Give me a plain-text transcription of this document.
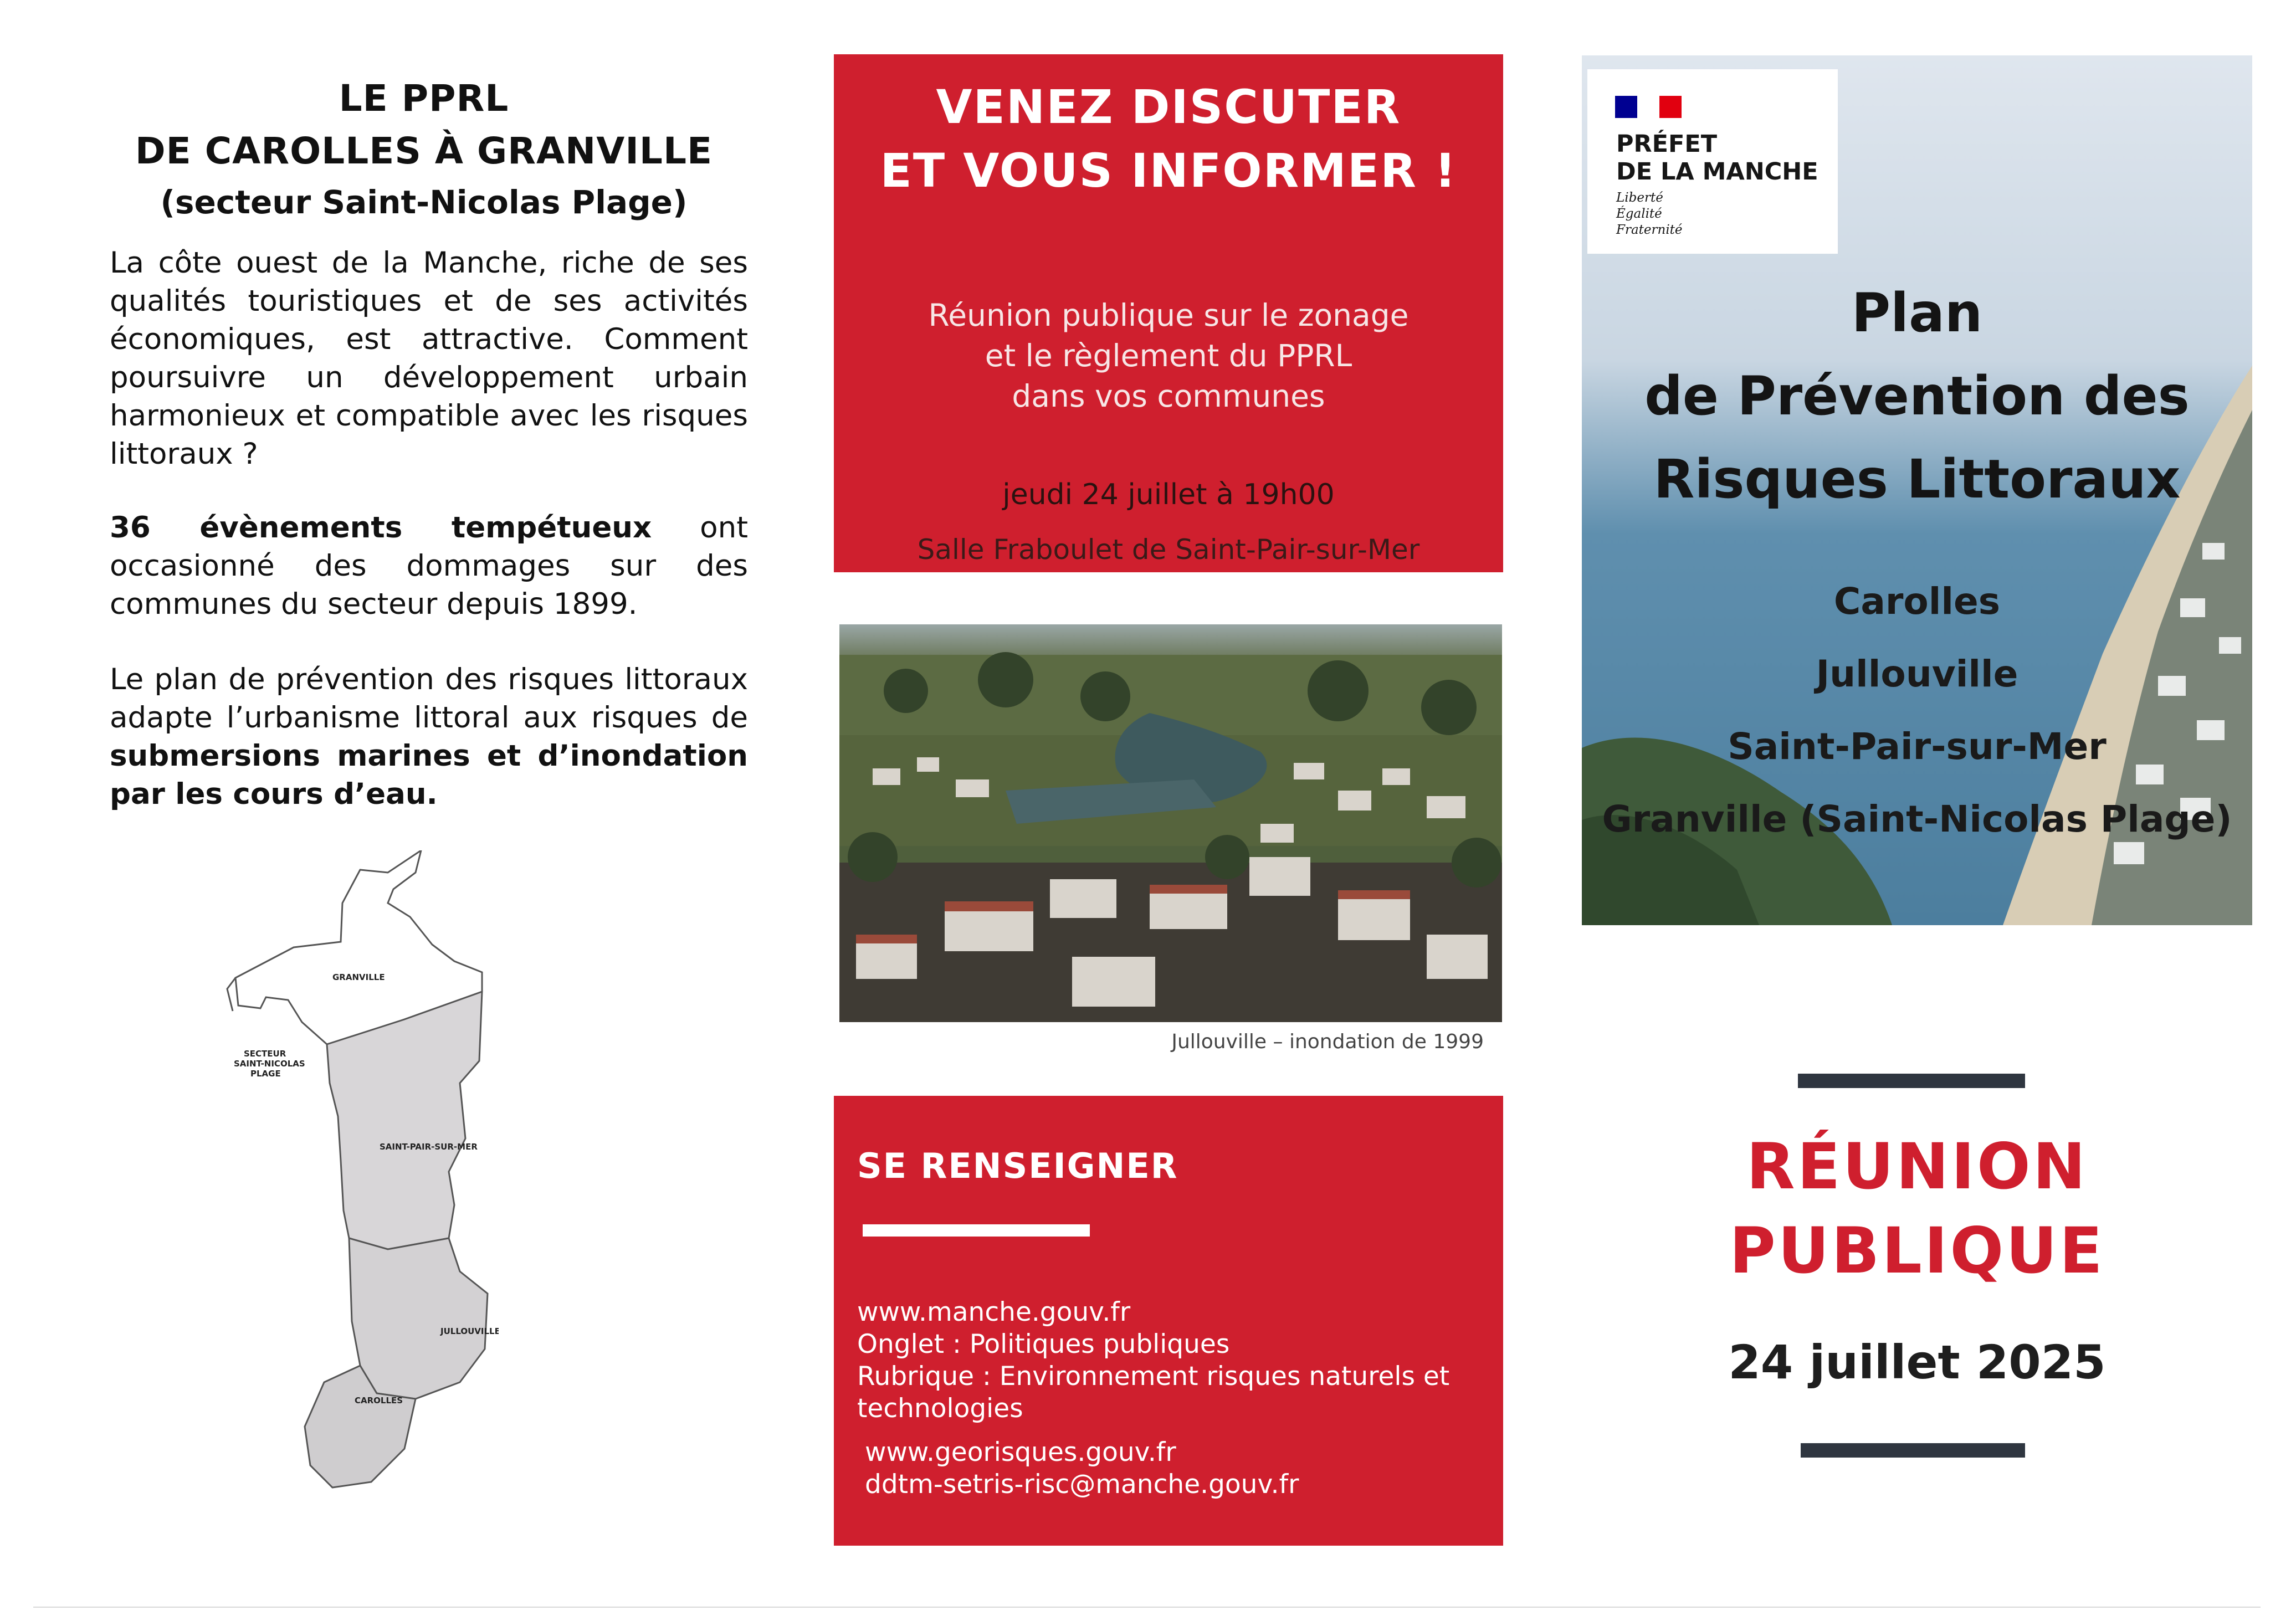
LE PPRL
DE CAROLLES À GRANVILLE
(secteur Saint-Nicolas Plage)

La côte ouest de la Manche, riche de ses qualités touristiques et de ses activités économiques, est attractive. Comment poursuivre un développement urbain harmonieux et compatible avec les risques littoraux ?

36 évènements tempétueux ont occasionné des dommages sur des communes du secteur depuis 1899.

Le plan de prévention des risques littoraux adapte l’urbanisme littoral aux risques de submersions marines et d’inondation par les cours d’eau.

GRANVILLE
SECTEUR
SAINT-NICOLAS
PLAGE
SAINT-PAIR-SUR-MER
JULLOUVILLE
CAROLLES
VENEZ DISCUTER
ET VOUS INFORMER !
Réunion publique sur le zonage
et le règlement du PPRL
dans vos communes
jeudi 24 juillet à 19h00
Salle Fraboulet de Saint-Pair-sur-Mer
Jullouville – inondation de 1999
SE RENSEIGNER
www.manche.gouv.fr
Onglet : Politiques publiques
Rubrique : Environnement risques naturels et
technologies
www.georisques.gouv.fr
ddtm-setris-risc@manche.gouv.fr
PRÉFET
DE LA MANCHE
Liberté
Égalité
Fraternité
Plan
de Prévention des
Risques Littoraux
Carolles
Jullouville
Saint-Pair-sur-Mer
Granville (Saint-Nicolas Plage)
RÉUNION
PUBLIQUE
24 juillet 2025
